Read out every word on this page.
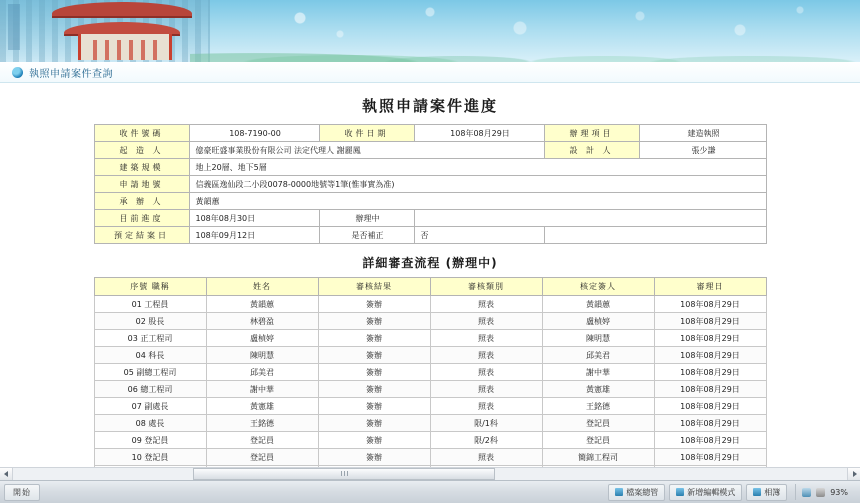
執照申請案件查詢
執照申請案件進度
收件號碼	108-7190-00	收件日期	108年08月29日	辦理項目	建造執照
起 造 人	億豪旺盛事業股份有限公司 法定代理人 謝麗鳳			設 計 人	張少謙
建築規模	地上20層、地下5層				
申請地號	信義區逸仙段二小段0078-0000地號等1筆(惟事實為准)				
承 辦 人	黃韻蕙				
目前進度	108年08月30日	辦理中			
預定結案日	108年09月12日	是否補正	否		
詳細審查流程 (辦理中)
序號 職稱	姓名	審核結果	審核類別	核定簽人	審理日
01 工程員	黃韻蕙	簽辦	照表	黃韻蕙	108年08月29日
02 股長	林碧盈	簽辦	照表	盧楨婷	108年08月29日
03 正工程司	盧楨婷	簽辦	照表	陳明慧	108年08月29日
04 科長	陳明慧	簽辦	照表	邱美君	108年08月29日
05 副總工程司	邱美君	簽辦	照表	謝中華	108年08月29日
06 總工程司	謝中華	簽辦	照表	黃憲雄	108年08月29日
07 副處長	黃憲雄	簽辦	照表	王銘德	108年08月29日
08 處長	王銘德	簽辦	限/1科	登記員	108年08月29日
09 登記員	登記員	簽辦	限/2科	登記員	108年08月29日
10 登記員	登記員	簽辦	照表	簡錦工程司	108年08月29日

開始	檔案總管	新增編輯模式	相簿	93%
